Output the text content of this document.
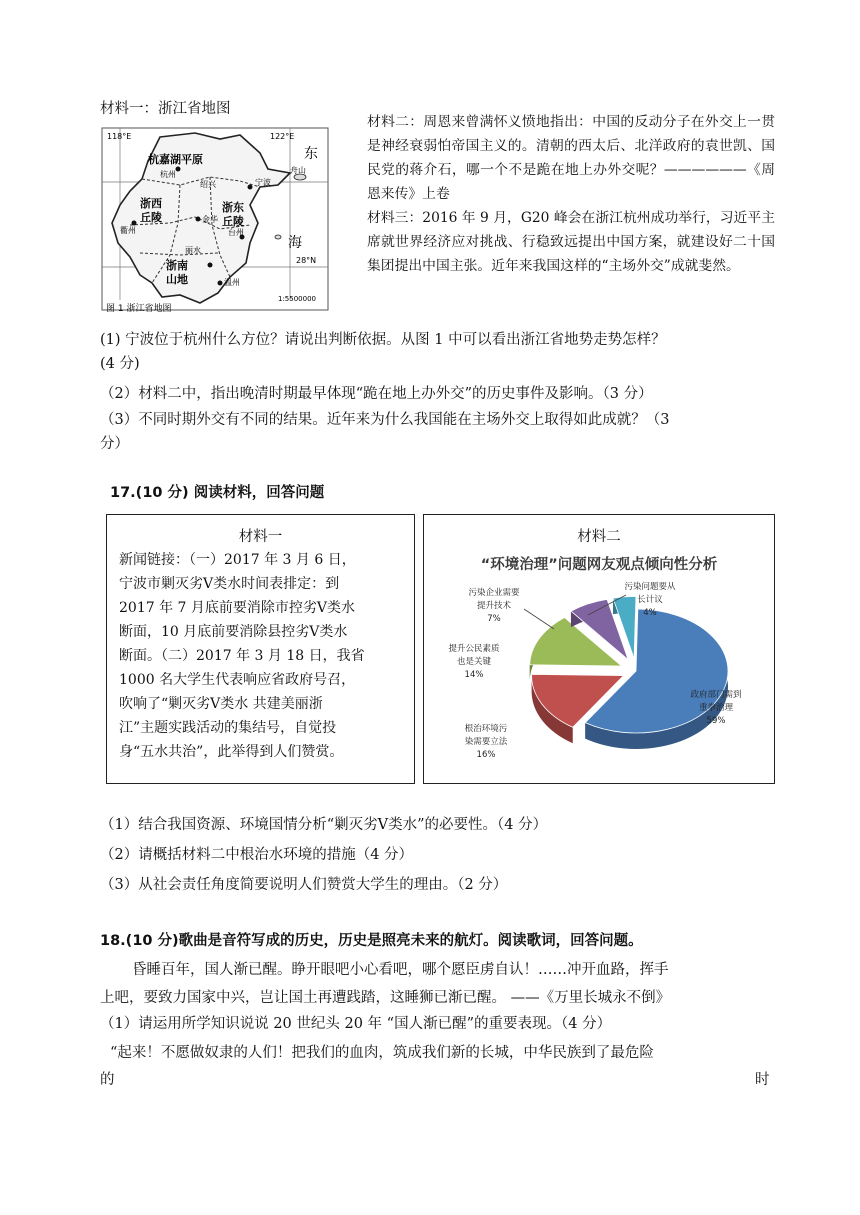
材料一：浙江省地图
118°E	122°E
28°N
东
海
杭嘉湖平原
杭州
宁波
绍兴
舟山
浙西
丘陵
浙东
丘陵
金华
衢州	台州
丽水
浙南
山地	温州
1:5500000
图 1 浙江省地图

材料二：周恩来曾满怀义愤地指出：中国的反动分子在外交上一贯是神经衰弱怕帝国主义的。清朝的西太后、北洋政府的袁世凯、国民党的蒋介石，哪一个不是跪在地上办外交呢？——————《周恩来传》上卷

材料三：2016 年 9 月，G20 峰会在浙江杭州成功举行，习近平主席就世界经济应对挑战、行稳致远提出中国方案，就建设好二十国集团提出中国主张。近年来我国这样的“主场外交”成就斐然。

(1) 宁波位于杭州什么方位？请说出判断依据。从图 1 中可以看出浙江省地势走势怎样？
(4 分)
（2）材料二中，指出晚清时期最早体现“跪在地上办外交”的历史事件及影响。（3 分）
（3）不同时期外交有不同的结果。近年来为什么我国能在主场外交上取得如此成就？（3
分）
17.(10 分) 阅读材料，回答问题
材料一
新闻链接：（一）2017 年 3 月 6 日，
宁波市剿灭劣Ⅴ类水时间表排定：到
2017 年 7 月底前要消除市控劣Ⅴ类水
断面，10 月底前要消除县控劣Ⅴ类水
断面。（二）2017 年 3 月 18 日，我省
1000 名大学生代表响应省政府号召，
吹响了“剿灭劣Ⅴ类水 共建美丽浙
江”主题实践活动的集结号，自觉投
身“五水共治”，此举得到人们赞赏。
材料二
“环境治理”问题网友观点倾向性分析
政府部门需到重拳治理 59%
根治环境污染需要立法 16%
提升公民素质也是关键 14%
污染企业需要提升技术 7%
污染问题要从长计议 4%
（1）结合我国资源、环境国情分析“剿灭劣Ⅴ类水”的必要性。（4 分）
（2）请概括材料二中根治水环境的措施（4 分）
（3）从社会责任角度简要说明人们赞赏大学生的理由。（2 分）
18.(10 分)歌曲是音符写成的历史，历史是照亮未来的航灯。阅读歌词，回答问题。
昏睡百年，国人渐已醒。睁开眼吧小心看吧，哪个愿臣虏自认！……冲开血路，挥手
上吧，要致力国家中兴，岂让国土再遭践踏，这睡狮已渐已醒。 ——《万里长城永不倒》
（1）请运用所学知识说说 20 世纪头 20 年 “国人渐已醒”的重要表现。（4 分）
“起来！不愿做奴隶的人们！把我们的血肉，筑成我们新的长城，中华民族到了最危险
的	时
